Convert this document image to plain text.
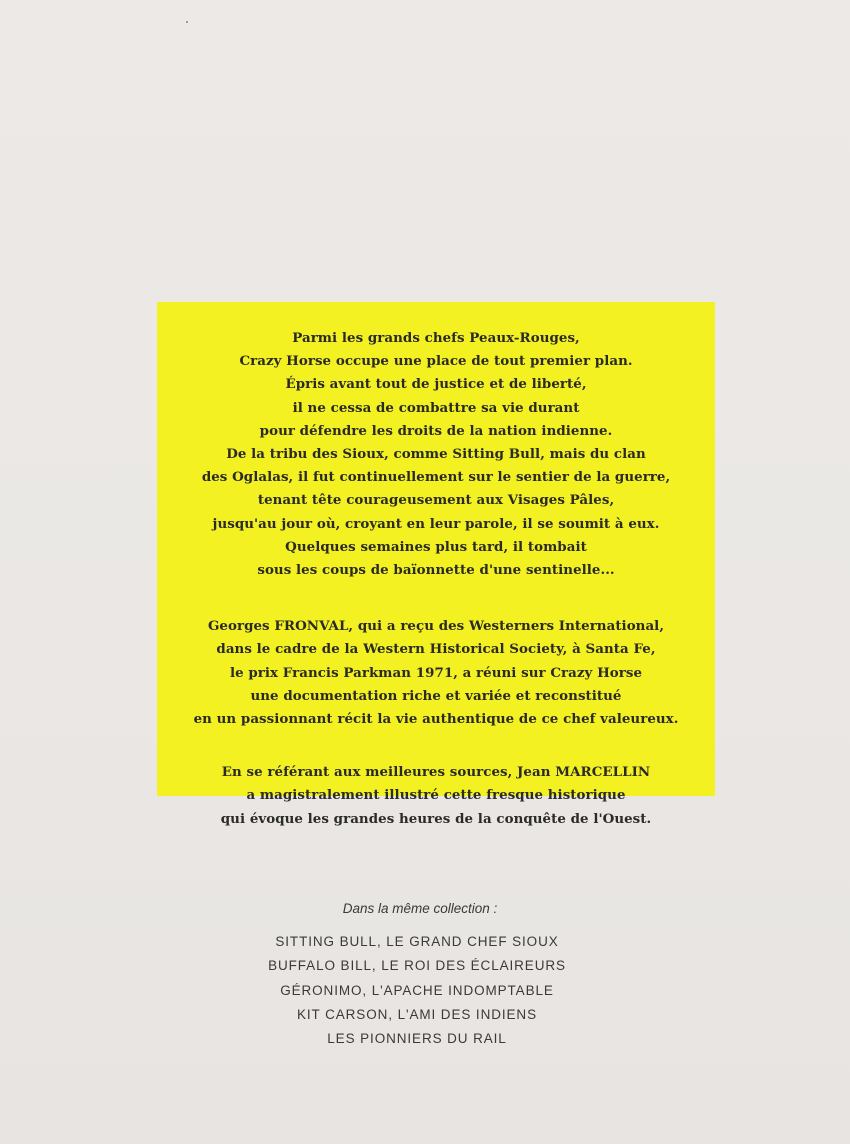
Parmi les grands chefs Peaux-Rouges,
Crazy Horse occupe une place de tout premier plan.
Épris avant tout de justice et de liberté,
il ne cessa de combattre sa vie durant
pour défendre les droits de la nation indienne.
De la tribu des Sioux, comme Sitting Bull, mais du clan
des Oglalas, il fut continuellement sur le sentier de la guerre,
tenant tête courageusement aux Visages Pâles,
jusqu'au jour où, croyant en leur parole, il se soumit à eux.
Quelques semaines plus tard, il tombait
sous les coups de baïonnette d'une sentinelle...
Georges FRONVAL, qui a reçu des Westerners International,
dans le cadre de la Western Historical Society, à Santa Fe,
le prix Francis Parkman 1971, a réuni sur Crazy Horse
une documentation riche et variée et reconstitué
en un passionnant récit la vie authentique de ce chef valeureux.
En se référant aux meilleures sources, Jean MARCELLIN
a magistralement illustré cette fresque historique
qui évoque les grandes heures de la conquête de l'Ouest.
Dans la même collection :
SITTING BULL, LE GRAND CHEF SIOUX
BUFFALO BILL, LE ROI DES ÉCLAIREURS
GÉRONIMO, L'APACHE INDOMPTABLE
KIT CARSON, L'AMI DES INDIENS
LES PIONNIERS DU RAIL
